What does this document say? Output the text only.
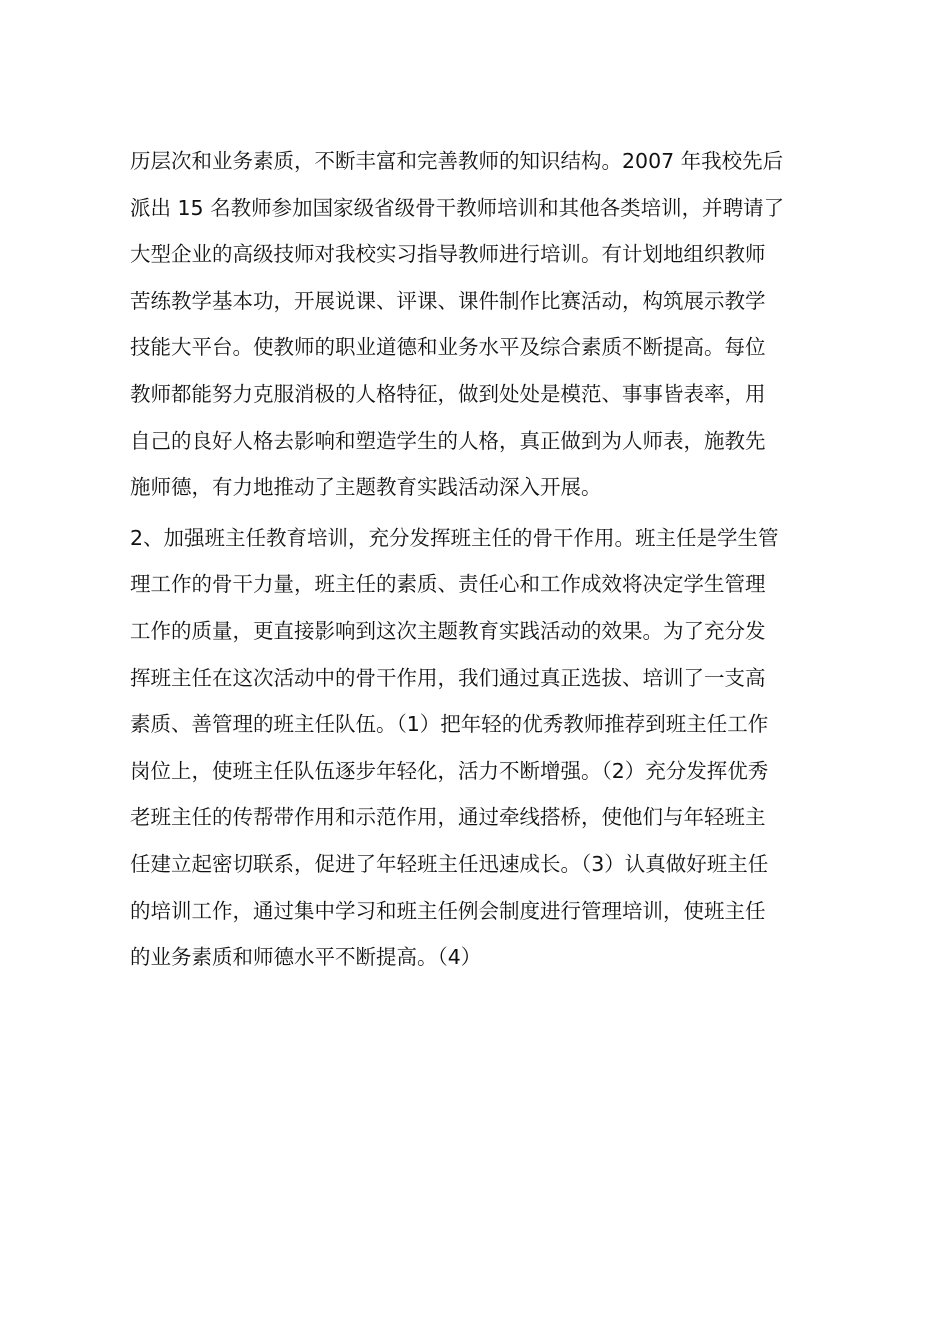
历层次和业务素质，不断丰富和完善教师的知识结构。2007 年我校先后
派出 15 名教师参加国家级省级骨干教师培训和其他各类培训，并聘请了
大型企业的高级技师对我校实习指导教师进行培训。有计划地组织教师
苦练教学基本功，开展说课、评课、课件制作比赛活动，构筑展示教学
技能大平台。使教师的职业道德和业务水平及综合素质不断提高。每位
教师都能努力克服消极的人格特征，做到处处是模范、事事皆表率，用
自己的良好人格去影响和塑造学生的人格，真正做到为人师表，施教先
施师德，有力地推动了主题教育实践活动深入开展。
2、加强班主任教育培训，充分发挥班主任的骨干作用。班主任是学生管
理工作的骨干力量，班主任的素质、责任心和工作成效将决定学生管理
工作的质量，更直接影响到这次主题教育实践活动的效果。为了充分发
挥班主任在这次活动中的骨干作用，我们通过真正选拔、培训了一支高
素质、善管理的班主任队伍。（1）把年轻的优秀教师推荐到班主任工作
岗位上，使班主任队伍逐步年轻化，活力不断增强。（2）充分发挥优秀
老班主任的传帮带作用和示范作用，通过牵线搭桥，使他们与年轻班主
任建立起密切联系，促进了年轻班主任迅速成长。（3）认真做好班主任
的培训工作，通过集中学习和班主任例会制度进行管理培训，使班主任
的业务素质和师德水平不断提高。（4）
